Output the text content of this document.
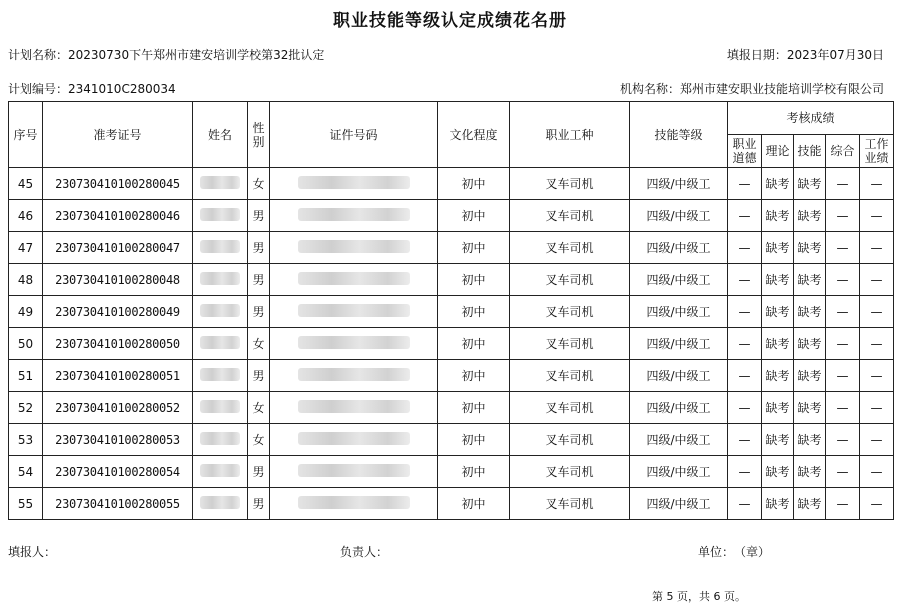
职业技能等级认定成绩花名册
计划名称：20230730下午郑州市建安培训学校第32批认定	填报日期：2023年07月30日
计划编号：2341010C280034	机构名称：郑州市建安职业技能培训学校有限公司
序号	准考证号	姓名	性别	证件号码	文化程度	职业工种	技能等级	考核成绩				
								职业道德	理论	技能	综合	工作业绩
45	230730410100280045		女		初中	叉车司机	四级/中级工	—	缺考	缺考	—	—
46	230730410100280046		男		初中	叉车司机	四级/中级工	—	缺考	缺考	—	—
47	230730410100280047		男		初中	叉车司机	四级/中级工	—	缺考	缺考	—	—
48	230730410100280048		男		初中	叉车司机	四级/中级工	—	缺考	缺考	—	—
49	230730410100280049		男		初中	叉车司机	四级/中级工	—	缺考	缺考	—	—
50	230730410100280050		女		初中	叉车司机	四级/中级工	—	缺考	缺考	—	—
51	230730410100280051		男		初中	叉车司机	四级/中级工	—	缺考	缺考	—	—
52	230730410100280052		女		初中	叉车司机	四级/中级工	—	缺考	缺考	—	—
53	230730410100280053		女		初中	叉车司机	四级/中级工	—	缺考	缺考	—	—
54	230730410100280054		男		初中	叉车司机	四级/中级工	—	缺考	缺考	—	—
55	230730410100280055		男		初中	叉车司机	四级/中级工	—	缺考	缺考	—	—
填报人：	负责人：	单位：　（章）
第 5 页，共 6 页。
